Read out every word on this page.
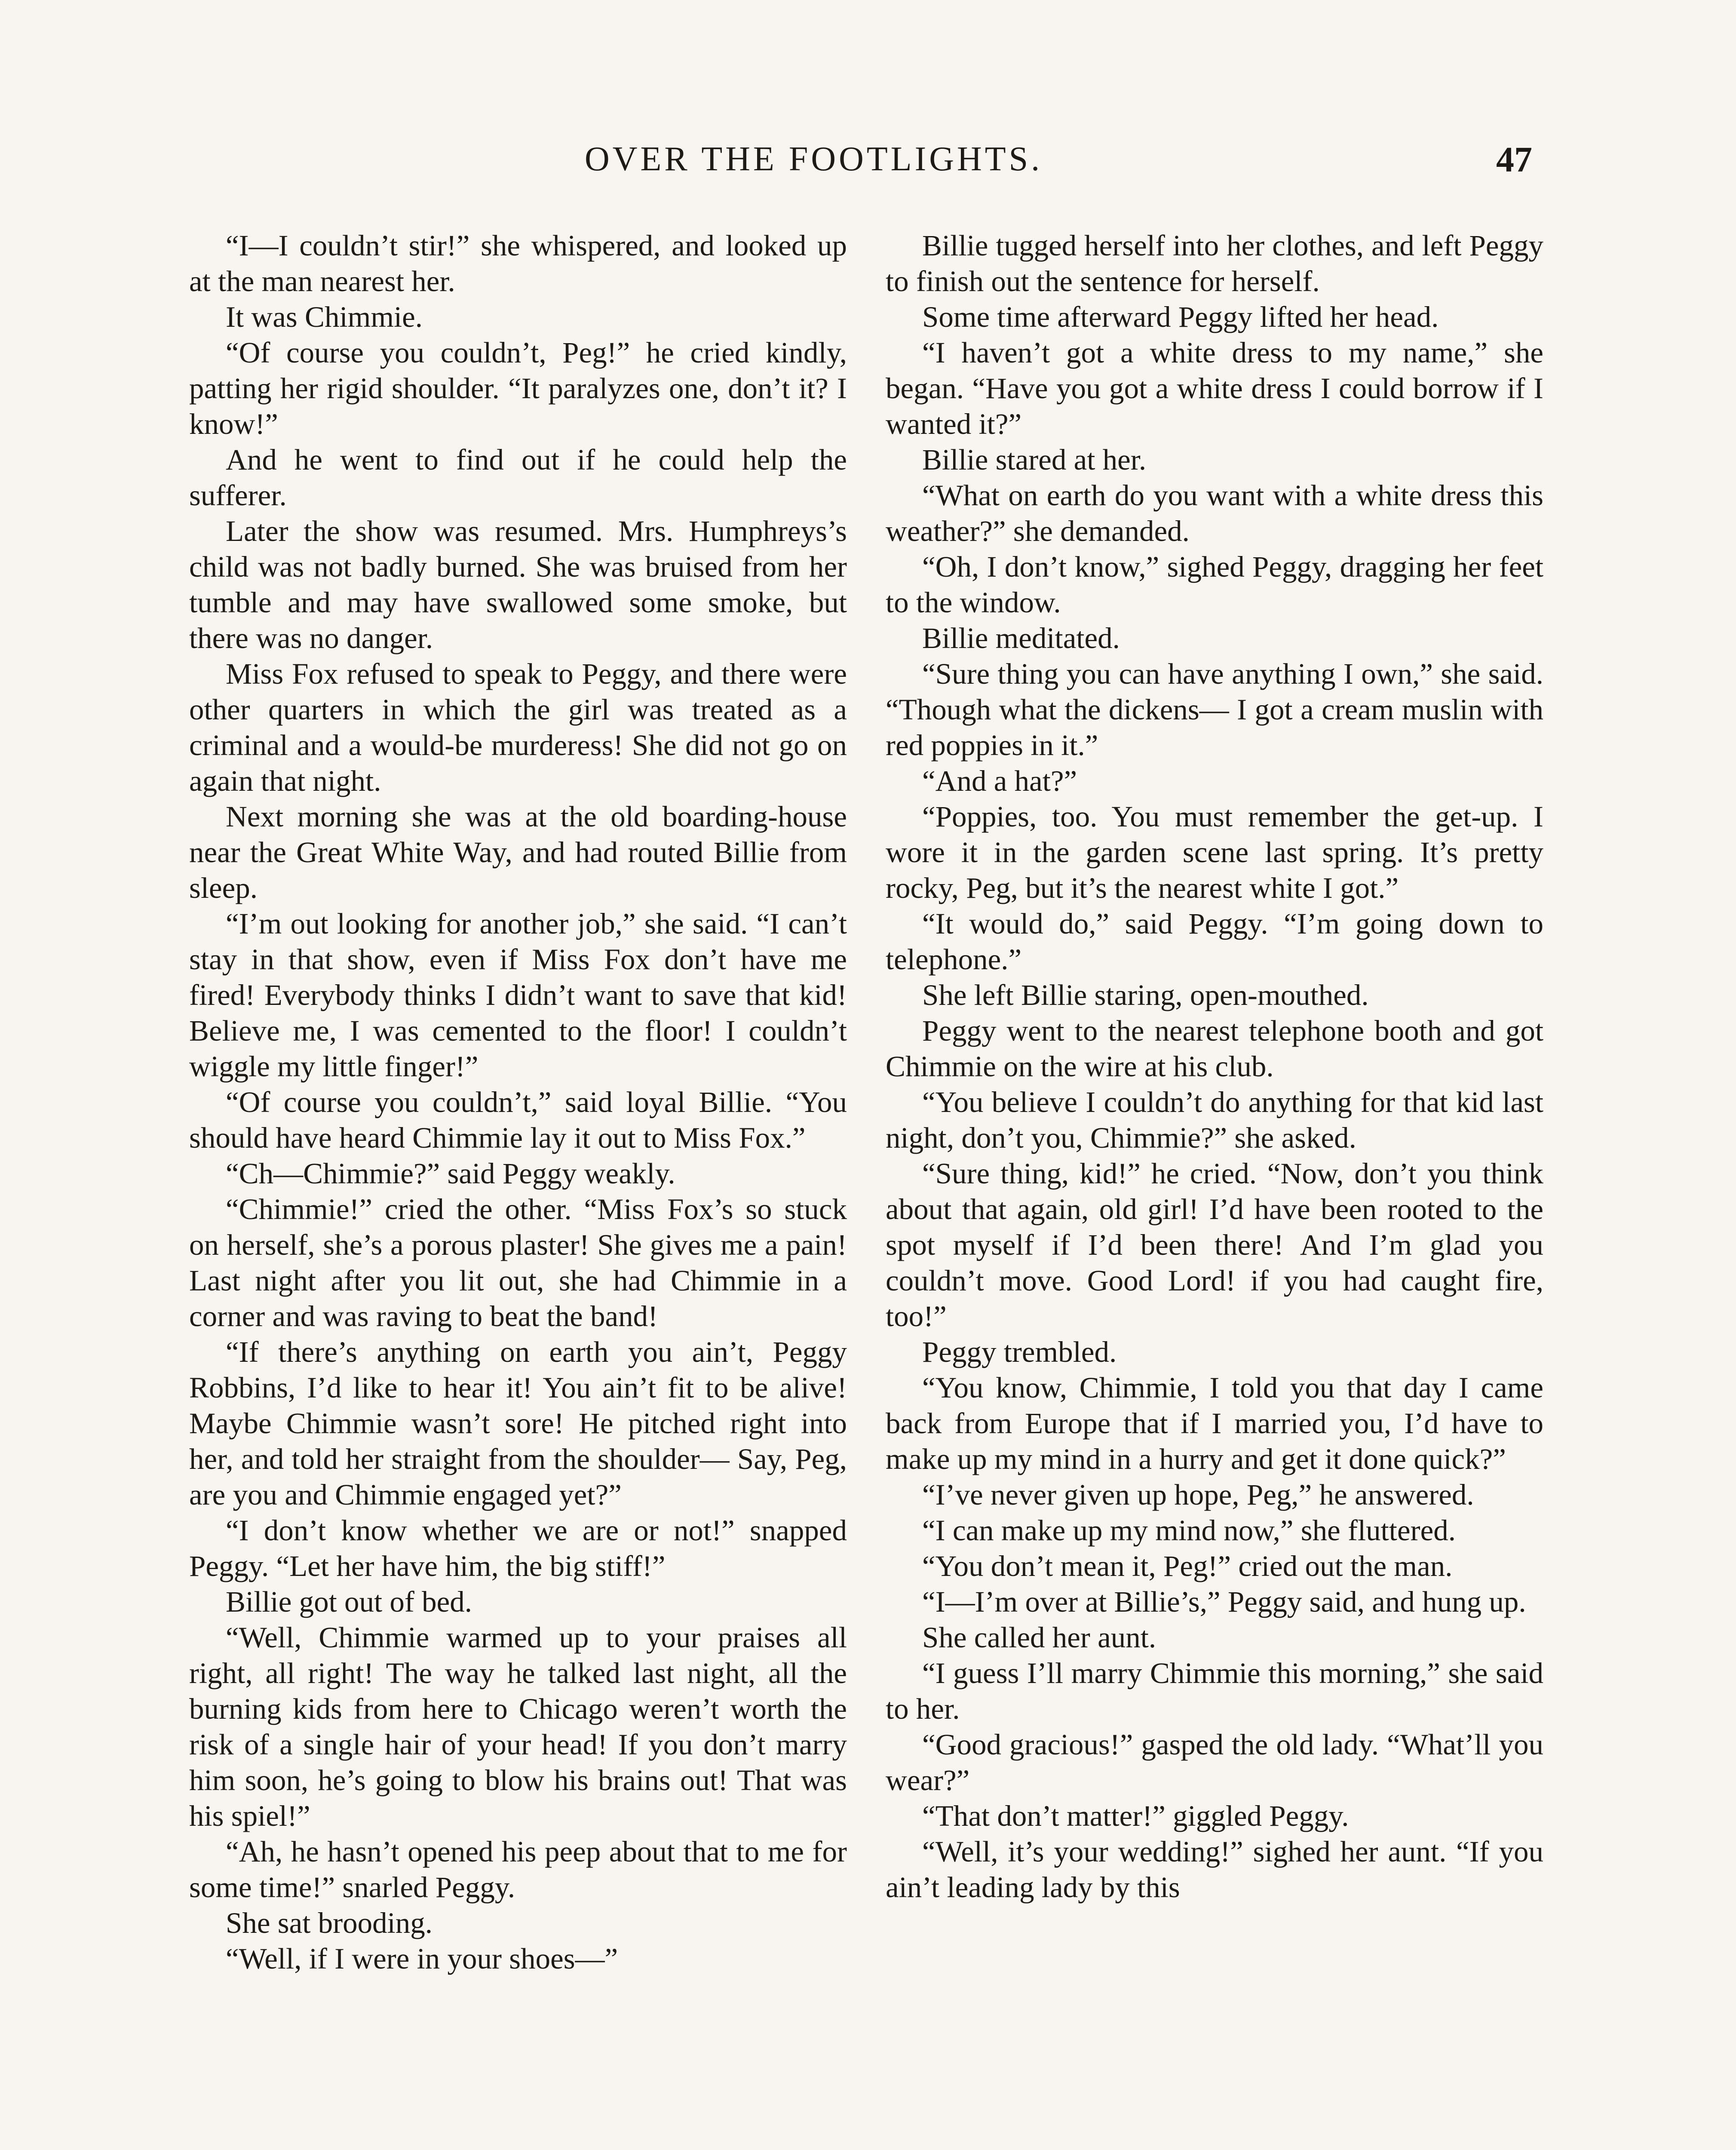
OVER THE FOOTLIGHTS.	47

“I—I couldn’t stir!” she whispered, and looked up at the man nearest her.

It was Chimmie.

“Of course you couldn’t, Peg!” he cried kindly, patting her rigid shoulder. “It paralyzes one, don’t it? I know!”

And he went to find out if he could help the sufferer.

Later the show was resumed. Mrs. Humphreys’s child was not badly burned. She was bruised from her tumble and may have swallowed some smoke, but there was no danger.

Miss Fox refused to speak to Peggy, and there were other quarters in which the girl was treated as a criminal and a would-be murderess! She did not go on again that night.

Next morning she was at the old boarding-house near the Great White Way, and had routed Billie from sleep.

“I’m out looking for another job,” she said. “I can’t stay in that show, even if Miss Fox don’t have me fired! Everybody thinks I didn’t want to save that kid! Believe me, I was cemented to the floor! I couldn’t wiggle my little finger!”

“Of course you couldn’t,” said loyal Billie. “You should have heard Chimmie lay it out to Miss Fox.”

“Ch—Chimmie?” said Peggy weakly.

“Chimmie!” cried the other. “Miss Fox’s so stuck on herself, she’s a porous plaster! She gives me a pain! Last night after you lit out, she had Chimmie in a corner and was raving to beat the band!

“If there’s anything on earth you ain’t, Peggy Robbins, I’d like to hear it! You ain’t fit to be alive! Maybe Chimmie wasn’t sore! He pitched right into her, and told her straight from the shoulder— Say, Peg, are you and Chimmie engaged yet?”

“I don’t know whether we are or not!” snapped Peggy. “Let her have him, the big stiff!”

Billie got out of bed.

“Well, Chimmie warmed up to your praises all right, all right! The way he talked last night, all the burning kids from here to Chicago weren’t worth the risk of a single hair of your head! If you don’t marry him soon, he’s going to blow his brains out! That was his spiel!”

“Ah, he hasn’t opened his peep about that to me for some time!” snarled Peggy.

She sat brooding.

“Well, if I were in your shoes—”

Billie tugged herself into her clothes, and left Peggy to finish out the sentence for herself.

Some time afterward Peggy lifted her head.

“I haven’t got a white dress to my name,” she began. “Have you got a white dress I could borrow if I wanted it?”

Billie stared at her.

“What on earth do you want with a white dress this weather?” she demanded.

“Oh, I don’t know,” sighed Peggy, dragging her feet to the window.

Billie meditated.

“Sure thing you can have anything I own,” she said. “Though what the dickens— I got a cream muslin with red poppies in it.”

“And a hat?”

“Poppies, too. You must remember the get-up. I wore it in the garden scene last spring. It’s pretty rocky, Peg, but it’s the nearest white I got.”

“It would do,” said Peggy. “I’m going down to telephone.”

She left Billie staring, open-mouthed.

Peggy went to the nearest telephone booth and got Chimmie on the wire at his club.

“You believe I couldn’t do anything for that kid last night, don’t you, Chimmie?” she asked.

“Sure thing, kid!” he cried. “Now, don’t you think about that again, old girl! I’d have been rooted to the spot myself if I’d been there! And I’m glad you couldn’t move. Good Lord! if you had caught fire, too!”

Peggy trembled.

“You know, Chimmie, I told you that day I came back from Europe that if I married you, I’d have to make up my mind in a hurry and get it done quick?”

“I’ve never given up hope, Peg,” he answered.

“I can make up my mind now,” she fluttered.

“You don’t mean it, Peg!” cried out the man.

“I—I’m over at Billie’s,” Peggy said, and hung up.

She called her aunt.

“I guess I’ll marry Chimmie this morning,” she said to her.

“Good gracious!” gasped the old lady. “What’ll you wear?”

“That don’t matter!” giggled Peggy.

“Well, it’s your wedding!” sighed her aunt. “If you ain’t leading lady by this
